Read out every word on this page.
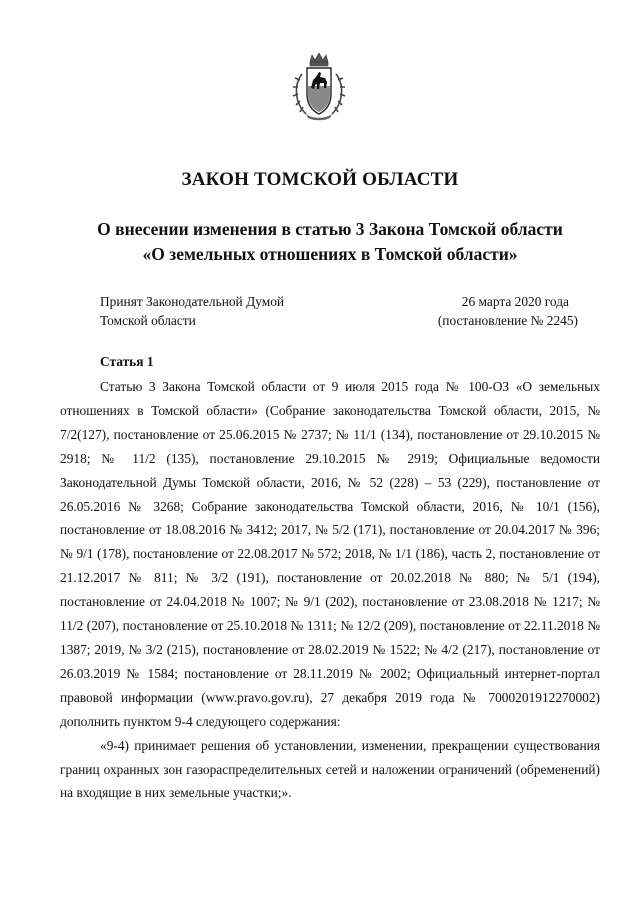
ЗАКОН ТОМСКОЙ ОБЛАСТИ
О внесении изменения в статью 3 Закона Томской области
«О земельных отношениях в Томской области»
Принят Законодательной Думой
Томской области
26 марта 2020 года
(постановление № 2245)
Статья 1

Статью 3 Закона Томской области от 9 июля 2015 года № 100-ОЗ «О земельных отношениях в Томской области» (Собрание законодательства Томской области, 2015, № 7/2(127), постановление от 25.06.2015 № 2737; № 11/1 (134), постановление от 29.10.2015 № 2918; № 11/2 (135), постановление 29.10.2015 № 2919; Официальные ведомости Законодательной Думы Томской области, 2016, № 52 (228) – 53 (229), постановление от 26.05.2016 № 3268; Собрание законодательства Томской области, 2016, № 10/1 (156), постановление от 18.08.2016 № 3412; 2017, № 5/2 (171), постановление от 20.04.2017 № 396; № 9/1 (178), постановление от 22.08.2017 № 572; 2018, № 1/1 (186), часть 2, постановление от 21.12.2017 № 811; № 3/2 (191), постановление от 20.02.2018 № 880; № 5/1 (194), постановление от 24.04.2018 № 1007; № 9/1 (202), постановление от 23.08.2018 № 1217; № 11/2 (207), постановление от 25.10.2018 № 1311; № 12/2 (209), постановление от 22.11.2018 № 1387; 2019, № 3/2 (215), постановление от 28.02.2019 № 1522; № 4/2 (217), постановление от 26.03.2019 № 1584; постановление от 28.11.2019 № 2002; Официальный интернет-портал правовой информации (www.pravo.gov.ru), 27 декабря 2019 года № 7000201912270002) дополнить пунктом 9-4 следующего содержания:

«9-4) принимает решения об установлении, изменении, прекращении существования границ охранных зон газораспределительных сетей и наложении ограничений (обременений) на входящие в них земельные участки;».
